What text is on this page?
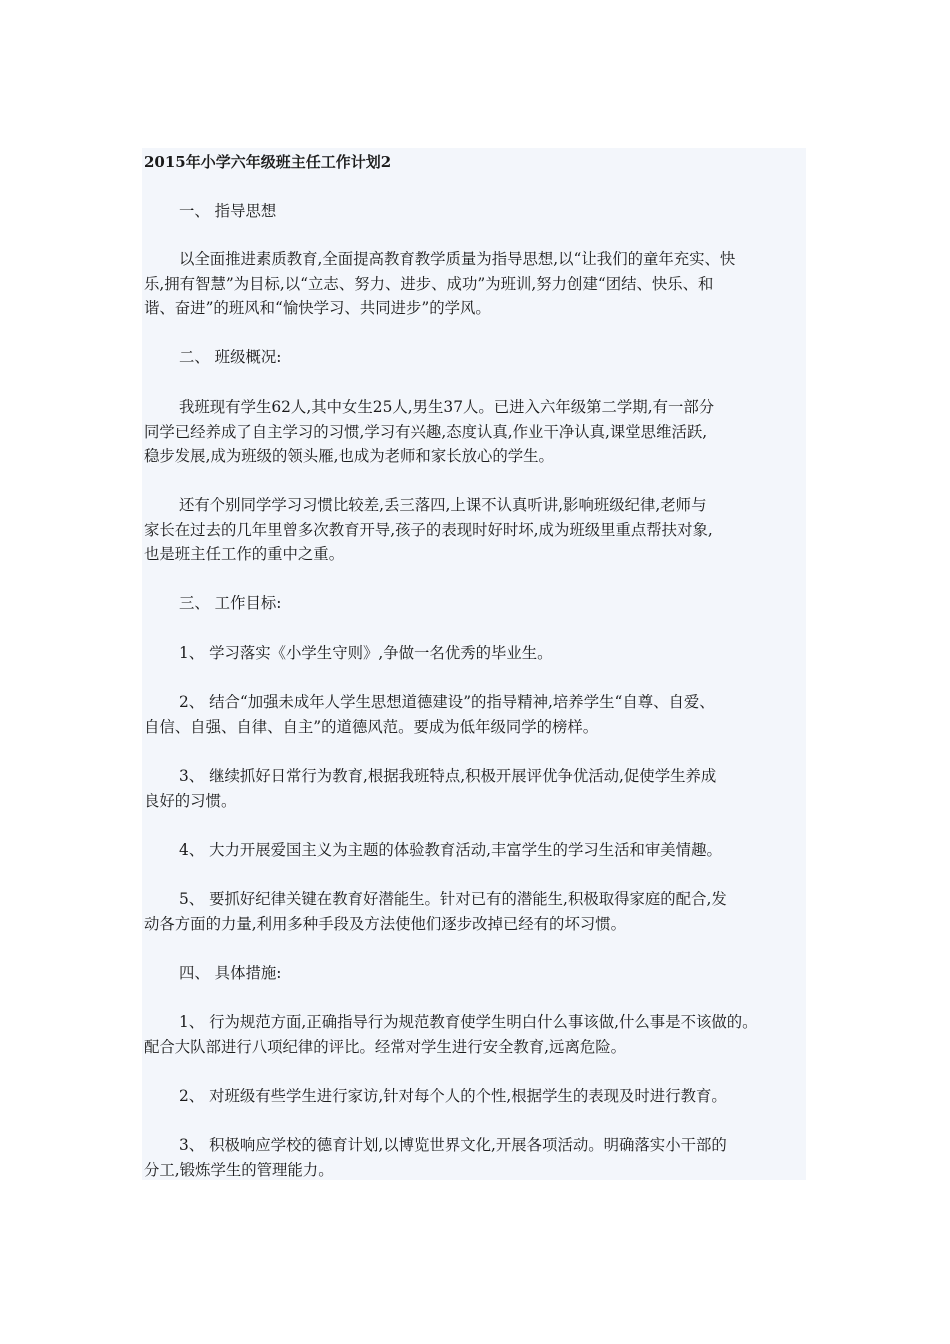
2015年小学六年级班主任工作计划2
一、 指导思想
以全面推进素质教育,全面提高教育教学质量为指导思想,以“让我们的童年充实、快
乐,拥有智慧”为目标,以“立志、努力、进步、成功”为班训,努力创建“团结、快乐、和
谐、奋进”的班风和“愉快学习、共同进步”的学风。
二、 班级概况:
我班现有学生62人,其中女生25人,男生37人。已进入六年级第二学期,有一部分
同学已经养成了自主学习的习惯,学习有兴趣,态度认真,作业干净认真,课堂思维活跃,
稳步发展,成为班级的领头雁,也成为老师和家长放心的学生。
还有个别同学学习习惯比较差,丢三落四,上课不认真听讲,影响班级纪律,老师与
家长在过去的几年里曾多次教育开导,孩子的表现时好时坏,成为班级里重点帮扶对象,
也是班主任工作的重中之重。
三、 工作目标:
1、 学习落实《小学生守则》,争做一名优秀的毕业生。
2、 结合“加强未成年人学生思想道德建设”的指导精神,培养学生“自尊、自爱、
自信、自强、自律、自主”的道德风范。要成为低年级同学的榜样。
3、 继续抓好日常行为教育,根据我班特点,积极开展评优争优活动,促使学生养成
良好的习惯。
4、 大力开展爱国主义为主题的体验教育活动,丰富学生的学习生活和审美情趣。
5、 要抓好纪律关键在教育好潜能生。针对已有的潜能生,积极取得家庭的配合,发
动各方面的力量,利用多种手段及方法使他们逐步改掉已经有的坏习惯。
四、 具体措施:
1、 行为规范方面,正确指导行为规范教育使学生明白什么事该做,什么事是不该做的。
配合大队部进行八项纪律的评比。经常对学生进行安全教育,远离危险。
2、 对班级有些学生进行家访,针对每个人的个性,根据学生的表现及时进行教育。
3、 积极响应学校的德育计划,以博览世界文化,开展各项活动。明确落实小干部的
分工,锻炼学生的管理能力。
